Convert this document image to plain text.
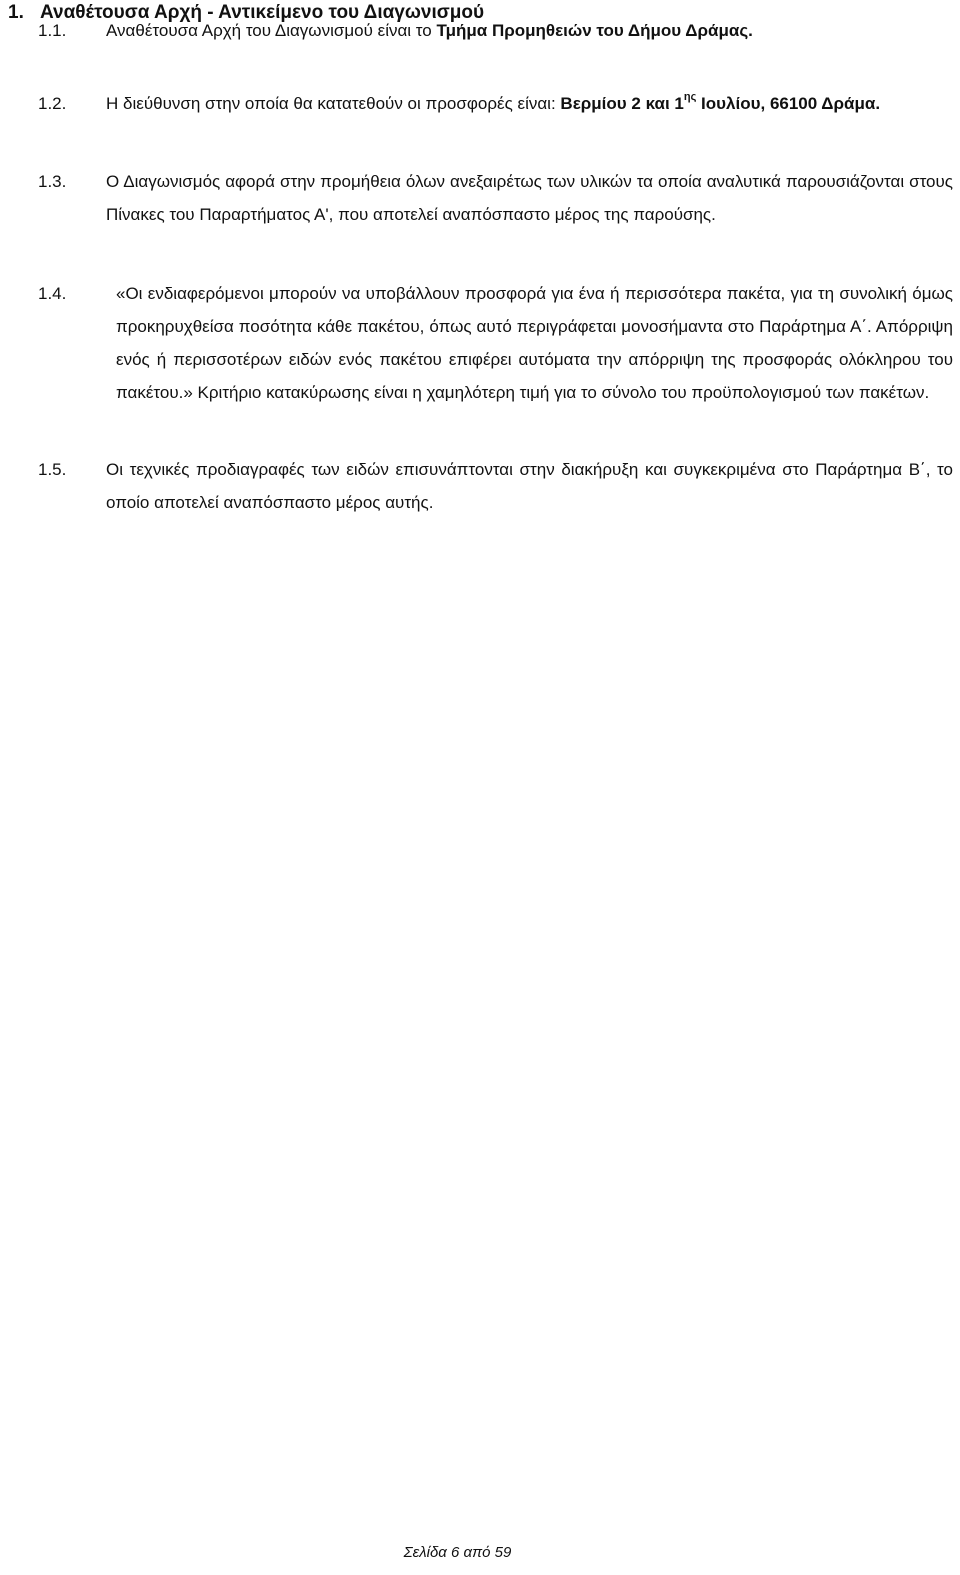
1. Αναθέτουσα Αρχή - Αντικείμενο του Διαγωνισμού
1.1.	Αναθέτουσα Αρχή του Διαγωνισμού είναι το Τμήμα Προμηθειών του Δήμου Δράμας.
1.2.	Η διεύθυνση στην οποία θα κατατεθούν οι προσφορές είναι: Βερμίου 2 και $1^{\eta\varsigma}$ Ιουλίου, 66100 Δράμα.
1.3.	Ο Διαγωνισμός αφορά στην προμήθεια όλων ανεξαιρέτως των υλικών τα οποία αναλυτικά παρουσιάζονται στους Πίνακες του Παραρτήματος Α', που αποτελεί αναπόσπαστο μέρος της παρούσης.
1.4.	«Οι ενδιαφερόμενοι μπορούν να υποβάλλουν προσφορά για ένα ή περισσότερα πακέτα, για τη συνολική όμως προκηρυχθείσα ποσότητα κάθε πακέτου, όπως αυτό περιγράφεται μονοσήμαντα στο Παράρτημα Α΄. Απόρριψη ενός ή περισσοτέρων ειδών ενός πακέτου επιφέρει αυτόματα την απόρριψη της προσφοράς ολόκληρου του πακέτου.» Κριτήριο κατακύρωσης είναι η χαμηλότερη τιμή για το σύνολο του προϋπολογισμού των πακέτων.
1.5.	Οι τεχνικές προδιαγραφές των ειδών επισυνάπτονται στην διακήρυξη και συγκεκριμένα στο Παράρτημα Β΄, το οποίο αποτελεί αναπόσπαστο μέρος αυτής.
Σελίδα 6 από 59
